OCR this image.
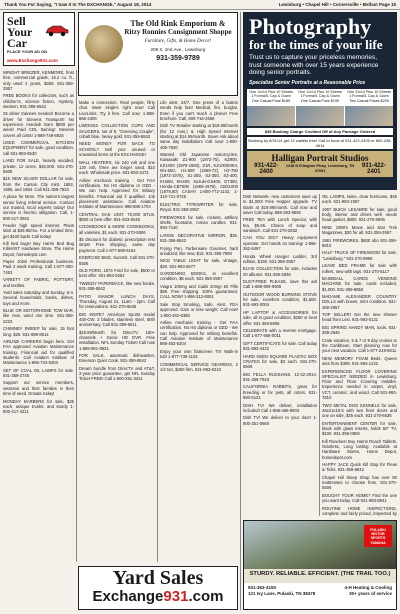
Thank You For Saying, "I Saw It In The EXCHANGE," August 18, 2014	Lewisburg • Chapel Hill • Cornersville • Belfast Page 15
Sell
Your
Car
PLACE YOUR AD ON
www.Exchange931.com
The Old Rink Emporium &
Ritzy Ronnies Consignment Shoppe
Furniture, Gifts, & Home Decor!
208 S. 2nd Ave., Lewisburg
931-359-9789
Photography
for the times of your life
Trust us to capture your priceless memories, trust someone with over 15 years experience doing senior portraits.
Specialize Senior Portraits at a Reasonable Price
One 11x14 Plus 10 Sheets 1 Formal/1 Cap & Gown One Casual Pose $189
One 11x14 Plus 10 Sheets 1 Formal/1 Cap & Gown One Casual Pose $199
One 11x14 Plus 10 Sheets 1 Formal/1 Cap & Gown Two Casual Poses $209
$35 Booking Charge Credited Off of Any Package Ordered
Booking by 8/31/14 get 12 wallets free! Call to book at 931-422-2400 or 800-238-4614
Halligan Portrait Studios
931-422-2400
1248 N Ellington Pkwy. Lewisburg, TN 37091
931-422-2401

WRIGHT BRIEZER, KENMORE, frost free, commercial grade, 16.2 cu. ft., only used 2 years, $350. 931-359-2957

FREE BOOKS for collectors, such as children's, science fiction, mystery, western. 931-389-6542

25 driver trainees needed! Become a driver for Stevens Transport! No experience needed! Earn $800 per week! Paid CDL training! Stevens covers all costs! 1-888-749-8925

USED COMMERCIAL KITCHEN EQUIPMENT for sale, good condition, call 931-993-6530

LAND FOR SALE, heavily wooded, private, 12 acres, $46,000. 931-270-5508

$15 NEW SILVER DOLLAR for sale, from the Carson City mint, 1882, 1885, and 1884. Call 931-359-7823

A place for Mom. The nation's largest senior living referral service. Contact our trusted, local experts today! Our service is free/no obligation. Call, 1-800-217-3942

Feeder high speed internet. Plans start at $29.95/mo. For a limited time, get $100 back! Call today!

Kill bed bugs! Buy Harris Bed Bug Killer/KIT Hardware Store, The Home Depot, homedepot.com

Paper Jobs! Professional business. Paid 2 week training. Call 1-877-260-7453

VARIETY OF FABRIC, POTTERY, and textiles.

Yard sales Saturday and Sunday, 8-4. Several households, books, dishes, toys and more.

BLUE OR MOTORHOME TOW BAR, like new, used one time. 931-359-2223

CHIMNEY SWEEP for sale, 15 foot long. $25. 931-698-8514

AIRLINE CAREERS begin here. Get FAA approved Aviation Maintenance training. Financial aid for qualified students. Call Aviation Institute of Maintenance 1-866-724-5403

SET OF COAL OIL LAMPS for sale. 931-359-2746

Support our service members, veterans and their families in their time of need. Donate today!

MONDAY BARBERS for sale, $25 each, antique trunks, and sturdy 1-800-417-4211

Make a connection. Real people, flirty chat. Meet singles right now! Call LiveLinks. Try it free. Call now: 1-888-866-2406

LIMOGES COLLECTION CUPS AND SAUCERS, set of 8, "Greening Couple", cobalt blue, heavy gold. 931-359-8842

NEED MONEY FOR BACK TO SCHOOL? Sell your unused or unwanted items at the EXCHANGE!

WALL HEATERS, six 240 volt and one 120 volt, three are longer used. $10 each. Wholesale price. 931-993-3472

Airline mechanic training - Get FAA certification. No HS diploma or GED - We can help. Approved for military benefits. Financial aid if qualified. Job placement assistance. Call Aviation Institute of Maintenance 888-686-1704

CENTRAL GAS UNIT, 70,000 BTUs, $500 or best offer. 931-933-8446

COOKBOOKS & MORE COOKBOOKS, all varieties, $1 each. 931-270-5506

$5 discount for diabetic prescription test strips! Free shipping, same day payment. Call 1-877-588-6154

EXERCISE BIKE, Summit. Call 931-270-5506

OLD FORD, 1974 Ford for sale, $500 or best offer. 931-993-5254

TWEEDY PAPERBACK, like new books. 931-359-8842

PATIO MANOR LUNCH DAYS, Thursday, August 21, 11am - 2pm. Call for reservations. 931-270-6636

BIG KNIFE? American Sports model 440-CW, 3 blades, stainless steel, 50th anniversary. Call 931-359-6611

$19.99/Month for DirecTV. 160+ channels + Genie HD DVR. Free installation. NFL Sunday Ticket! Call now 1-888-861-8521

FOR SALE, automatic dishwasher, Emerson Quiet Cook, 931-359-8842

Dream bundle from DirecTV and AT&T, 2-year price guarantee, get NFL Sunday Ticket FREE! Call 1-800-291-3321

Life alert, 24/7. One press of a button sends help fast! Medical, fire, burglar. Even if you can't reach a phone! Free brochure. Call, 800-716-2656

Dish TV Retailer starting at $19.99/month (for 12 mos.) & High Speed Internet starting at $14.95/month. Save! Ask about same day installation! Call now! 1-800-405-7630

Wanted Old Japanese motorcycles, Kawasaki Z1-900 (1972-75), KZ900, KZ1000 (1976-1982), Z1R, KZ1000MKII, W1-650, H1-500 (1969-72), H2-750 (1972-1975), S1-250, S2-350, S3-400, KH250, KH400, Suzuki-GS400, GT380, Honda-CB750K (1969-1976), CBX1000 (1979,80) CASH!! 1-800-772-1142, 1-310-721-0726

ELECTRIC TYPEWRITER for sale, Royal. 931-359-2957

FIREWORKS for sale, rockets, artillery shells, fountains, roman candles. 931-993-7140

LARGE DECORATIVE MIRROR, $35. 931-359-8842

Frying Pan, Farberware Gourmet, hard anodized, like new, $15. 931-359-7890

NICE TABLE LIGHT for sale, vintage, $20. 931-993-6677

GARDENING BOOKS, in excellent condition, $5 each. 931-359-2957

Viagra 100mg and Cialis 20mg! 50 Pills $99. Free shipping. 100% guaranteed. CALL NOW! 1-866-312-6061

Sale Stop Smoking, Safe, Alert. FDA approved. Gain or lose weight. Call now! 1-800-492-6380

Airline mechanic training - Get FAA certification. No HS diploma or GED - We can help. Approved for military benefits. Call Aviation Institute of Maintenance 866-453-6204

Enjoy your own flatscreen TV! Walk-in tub! 1-877-739-1102

COMMERCIAL SERVICE GEARBOX, 2 1/2 ton, $450 firm. 931-993-6210

Dish Network- new customers save up to $1,000! Free Hopper upgrade. TV starts at $19.99/month. Call now and save! Call today, 888-283-9692

FREE TEA with Lunch Special, with tea, $5.65. Choice of soup and sandwich. Call 931-270-2832

CAN YOU DIG? Heavy equipment operator. Get hands on training! 1-866-362-6497

Honda Wheel Hanger Ladder, 3rd edition, $150. 931-359-2957

ELVIS COLLECTION for sale, includes 20 albums. 931-359-2846

DUST-FREE PLEASE, save this ad! Call 1-888-909-9905

OUTDOOR WOOD BURNING STOVE for sale, excellent condition, $1,500. 931-993-0004

HP LAPTOP & ACCESSORIES for sale, all in good condition, $250 or best offer. 931-359-8806

CELEBRATE with a reverse mortgage. Call 1-877-568-0011

GIFT CERTIFICATE for sale. Call today 931-993-4422

HARD KEEN SQUARE PLASTIC BOX CRATES for sale, $3 each. 931-270-5506

BIG FELLA RUSSIANS, 12-22-2014. 931-359-7843

CALIFORNIA RABBITS, great for breeding or for pets, all colors. 931-993-5121

DISH TV! We deliver, installation included! Call 1-888-486-8903

Dish TV! We deliver to your door! 1-800-351-0850

OIL LAMPS, twine, clear hurricane, $45 each. 931-993-1997

1997 BUICK LESABRE for sale, good body, interior and drives well, needs head gasket, $800. 931-270-8506

NINE 1990's Movie and Star Trek Magazines, $30 for all. 931-359-2957

1991 FIREWORKS, $600 obo 931-359-8810

HALF TRUCK OF FIREWOOD for sale, "Lewisburg." 931-270-9995

LEAVE BED FRAME for sale with rollers, new with tags. 931-270-5117

BASEBALL CARDS VENDING MACHINE for sale, cards included, $1,000. 931-359-8850

MADAME ALEXANDER COUNTRY DOLLS with boxes, mint condition. 931-359-2957

TOP SELLER! Get the new shower head from Lexi. 931-993-0121

BIG SPRING HANDY MAN, tools. 931-359-2846

Crate vacation, 5 & 7 or 9 day cruises to the Caribbean. Start planning now for your next vacation. Call 1-877-219-8611

NEW MEMORY FOAM Beds. Queen sets from $399. 931-993-1222

EXPERIENCED FLOOR COVERING SPECIALIST NEEDED in Lewisburg. Floor and Floor Covering Installer. Experience needed in carpet, vinyl, VCT, ceramic, and wood. Call 931-993-7810

TWO METAL DOG KENNELS for sale, 26x21x19.5 with two front doors and one on side, $35 each. 931-270-6636

ENTERTAINMENT CENTER for sale, black with glass inserts, holds 50" TV, $100. 931-359-0809

Kill Roaches! Buy Harris Roach Tablets. Odorless, Long lasting. Available at Hardware Stores, Home Depot, homedepot.com

HAPPY JACK Quick Kill Stop for Fleas & Ticks. 931-359-8842

Chapel Hill Sleep Shop has over 50 mattresses to choose from. 931-270-5506

BOUGHT YOUR HOME? Find the one you want today. Call 931-993-8841

ROUTINE HOME INSPECTIONS, complete and fairly priced, inspected by

Yard Sales
Exchange931.com
PULASKI MOTOR SPORTS YAMAHA
STURDY. RELIABLE. EFFICIENT. (THE TRAIL TOO.)
931-363-4150
121 Ivy Lane, Pulaski, TN 38478
4-H Heating & Cooling
30+ years of service
